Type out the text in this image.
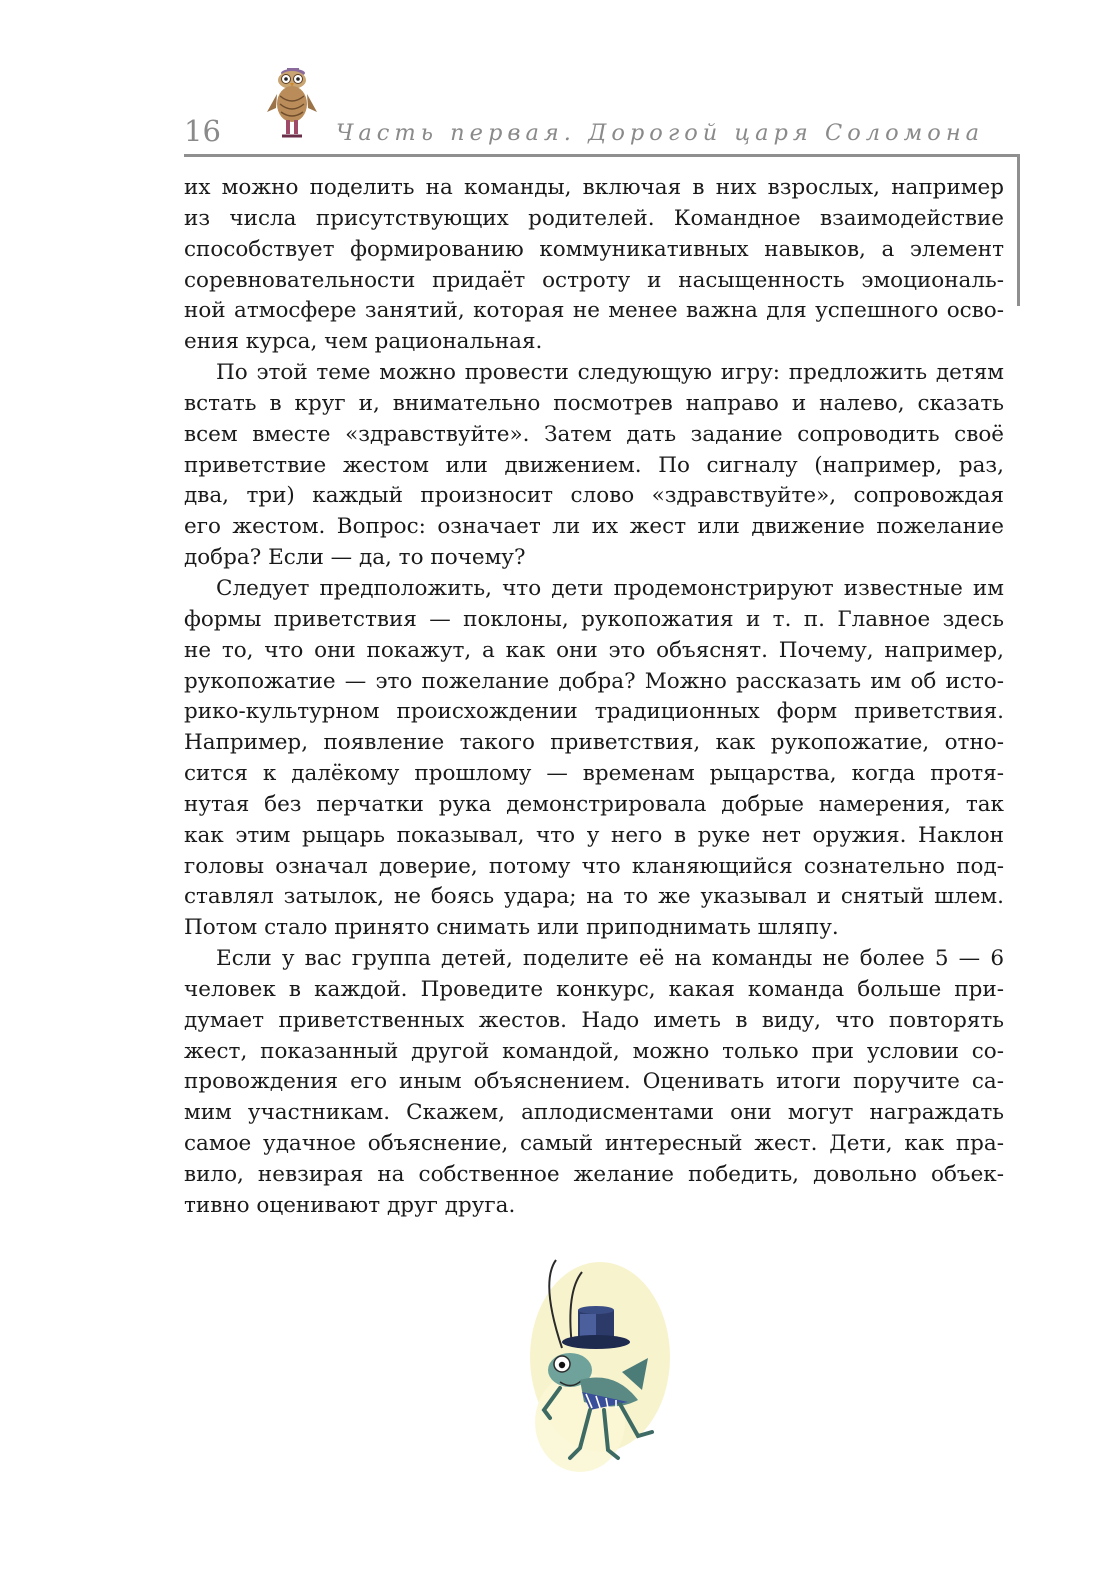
16	Часть первая. Дорогой царя Соломона

их можно поделить на команды, включая в них взрослых, например
из числа присутствующих родителей. Командное взаимодействие
способствует формированию коммуникативных навыков, а элемент
соревновательности придаёт остроту и насыщенность эмоциональ-
ной атмосфере занятий, которая не менее важна для успешного осво-
ения курса, чем рациональная.

По этой теме можно провести следующую игру: предложить детям
встать в круг и, внимательно посмотрев направо и налево, сказать
всем вместе «здравствуйте». Затем дать задание сопроводить своё
приветствие жестом или движением. По сигналу (например, раз,
два, три) каждый произносит слово «здравствуйте», сопровождая
его жестом. Вопрос: означает ли их жест или движение пожелание
добра? Если — да, то почему?

Следует предположить, что дети продемонстрируют известные им
формы приветствия — поклоны, рукопожатия и т. п. Главное здесь
не то, что они покажут, а как они это объяснят. Почему, например,
рукопожатие — это пожелание добра? Можно рассказать им об исто-
рико-культурном происхождении традиционных форм приветствия.
Например, появление такого приветствия, как рукопожатие, отно-
сится к далёкому прошлому — временам рыцарства, когда протя-
нутая без перчатки рука демонстрировала добрые намерения, так
как этим рыцарь показывал, что у него в руке нет оружия. Наклон
головы означал доверие, потому что кланяющийся сознательно под-
ставлял затылок, не боясь удара; на то же указывал и снятый шлем.
Потом стало принято снимать или приподнимать шляпу.

Если у вас группа детей, поделите её на команды не более 5 — 6
человек в каждой. Проведите конкурс, какая команда больше при-
думает приветственных жестов. Надо иметь в виду, что повторять
жест, показанный другой командой, можно только при условии со-
провождения его иным объяснением. Оценивать итоги поручите са-
мим участникам. Скажем, аплодисментами они могут награждать
самое удачное объяснение, самый интересный жест. Дети, как пра-
вило, невзирая на собственное желание победить, довольно объек-
тивно оценивают друг друга.
